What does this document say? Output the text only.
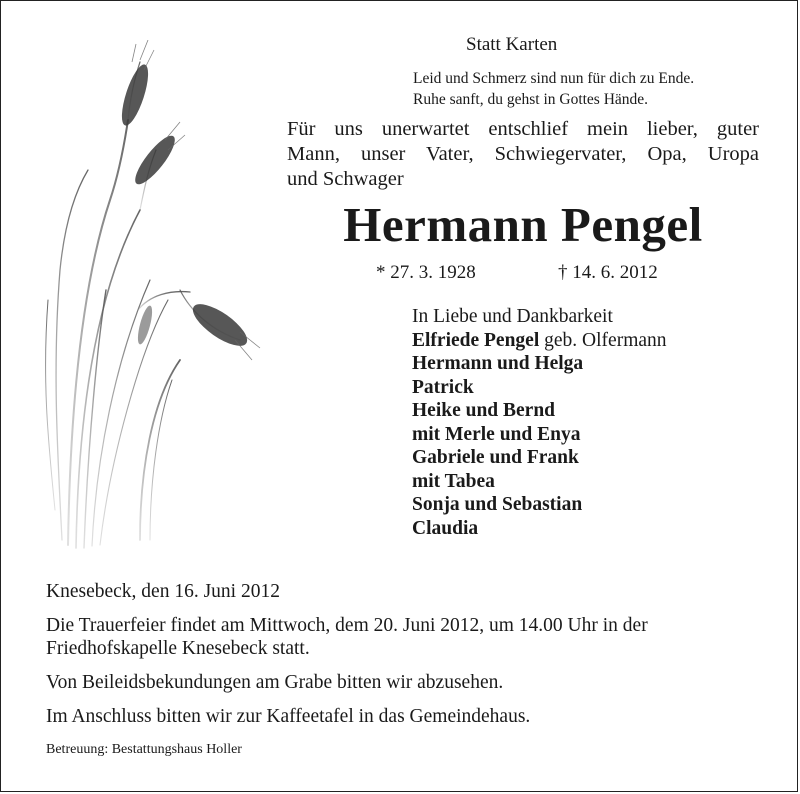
Statt Karten
Leid und Schmerz sind nun für dich zu Ende.
Ruhe sanft, du gehst in Gottes Hände.
Für uns unerwartet entschlief mein lieber, guter
Mann, unser Vater, Schwiegervater, Opa, Uropa
und Schwager
Hermann Pengel
* 27. 3. 1928	† 14. 6. 2012
In Liebe und Dankbarkeit
Elfriede Pengel geb. Olfermann
Hermann und Helga
Patrick
Heike und Bernd
mit Merle und Enya
Gabriele und Frank
mit Tabea
Sonja und Sebastian
Claudia

Knesebeck, den 16. Juni 2012

Die Trauerfeier findet am Mittwoch, dem 20. Juni 2012, um 14.00 Uhr in der
Friedhofskapelle Knesebeck statt.

Von Beileidsbekundungen am Grabe bitten wir abzusehen.

Im Anschluss bitten wir zur Kaffeetafel in das Gemeindehaus.

Betreuung: Bestattungshaus Holler
